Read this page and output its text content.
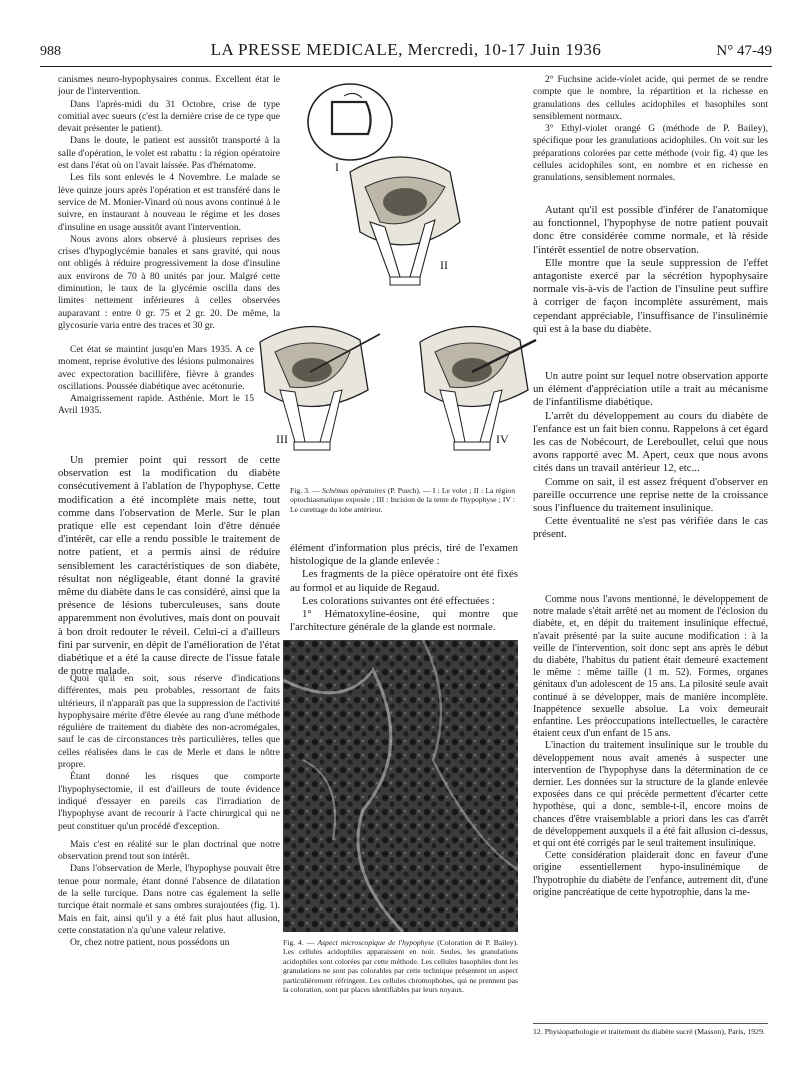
988	LA PRESSE MEDICALE, Mercredi, 10-17 Juin 1936	N° 47-49

canismes neuro-hypophysaires connus. Excellent état le jour de l'intervention.

Dans l'après-midi du 31 Octobre, crise de type comitial avec sueurs (c'est la dernière crise de ce type que devait présenter le patient).

Dans le doute, le patient est aussitôt transporté à la salle d'opération, le volet est rabattu : la région opératoire est dans l'état où on l'avait laissée. Pas d'hématome.

Les fils sont enlevés le 4 Novembre. Le malade se lève quinze jours après l'opération et est transféré dans le service de M. Monier-Vinard où nous avons continué à le suivre, en instaurant à nouveau le régime et les doses d'insuline en usage aussitôt avant l'intervention.

Nous avons alors observé à plusieurs reprises des crises d'hypoglycémie banales et sans gravité, qui nous ont obligés à réduire progressivement la dose d'insuline aux environs de 70 à 80 unités par jour. Malgré cette diminution, le taux de la glycémie oscilla dans des limites nettement inférieures à celles observées auparavant : entre 0 gr. 75 et 2 gr. 20. De même, la glycosurie varia entre des traces et 30 gr.

Cet état se maintint jusqu'en Mars 1935. A ce moment, reprise évolutive des lésions pulmonaires avec expectoration bacillifère, fièvre à grandes oscillations. Poussée diabétique avec acétonurie.

Amaigrissement rapide. Asthénie. Mort le 15 Avril 1935.

Un premier point qui ressort de cette observation est la modification du diabète consécutivement à l'ablation de l'hypophyse. Cette modification a été incomplète mais nette, tout comme dans l'observation de Merle. Sur le plan pratique elle est cependant loin d'être dénuée d'intérêt, car elle a rendu possible le traitement de notre patient, et a permis ainsi de réduire sensiblement les caractéristiques de son diabète, résultat non négligeable, étant donné la gravité même du diabète dans le cas considéré, ainsi que la présence de lésions tuberculeuses, sans doute apparemment non évolutives, mais dont on pouvait à bon droit redouter le réveil. Celui-ci a d'ailleurs fini par survenir, en dépit de l'amélioration de l'état diabétique et a été la cause directe de l'issue fatale de notre malade.

Quoi qu'il en soit, sous réserve d'indications différentes, mais peu probables, ressortant de faits ultérieurs, il n'apparaît pas que la suppression de l'activité hypophysaire mérite d'être élevée au rang d'une méthode régulière de traitement du diabète des non-acromégales, sauf le cas de circonstances très particulières, telles que celles réalisées dans le cas de Merle et dans le nôtre propre.

Étant donné les risques que comporte l'hypophysectomie, il est d'ailleurs de toute évidence indiqué d'essayer en pareils cas l'irradiation de l'hypophyse avant de recourir à l'acte chirurgical qui ne peut constituer qu'un procédé d'exception.

Mais c'est en réalité sur le plan doctrinal que notre observation prend tout son intérêt.

Dans l'observation de Merle, l'hypophyse pouvait être tenue pour normale, étant donné l'absence de dilatation de la selle turcique. Dans notre cas également la selle turcique était normale et sans ombres surajoutées (fig. 1). Mais en fait, ainsi qu'il y a été fait plus haut allusion, cette constatation n'a qu'une valeur relative.

Or, chez notre patient, nous possédons un

I
II
III	IV
Fig. 3. — Schémas opératoires (P. Puech). — I : Le volet ; II : La région optochiasmatique exposée ; III : Incision de la tente de l'hypophyse ; IV : Le curettage du lobe antérieur.

élément d'information plus précis, tiré de l'examen histologique de la glande enlevée :

Les fragments de la pièce opératoire ont été fixés au formol et au liquide de Regaud.

Les colorations suivantes ont été effectuées :

1° Hématoxyline-éosine, qui montre que l'architecture générale de la glande est normale.

Fig. 4. — Aspect microscopique de l'hypophyse (Coloration de P. Bailey). Les cellules acidophiles apparaissent en noir. Seules, les granulations acidophiles sont colorées par cette méthode. Les cellules basophiles dont les granulations ne sont pas colorables par cette technique présentent un aspect particulièrement réfringent. Les cellules chromophobes, qui ne prennent pas la coloration, sont par places identifiables par leurs noyaux.

2° Fuchsine acide-violet acide, qui permet de se rendre compte que le nombre, la répartition et la richesse en granulations des cellules acidophiles et basophiles sont sensiblement normaux.

3° Ethyl-violet orangé G (méthode de P. Bailey), spécifique pour les granulations acidophiles. On voit sur les préparations colorées par cette méthode (voir fig. 4) que les cellules acidophiles sont, en nombre et en richesse en granulations, sensiblement normales.

Autant qu'il est possible d'inférer de l'anatomique au fonctionnel, l'hypophyse de notre patient pouvait donc être considérée comme normale, et là réside l'intérêt essentiel de notre observation.

Elle montre que la seule suppression de l'effet antagoniste exercé par la sécrétion hypophysaire normale vis-à-vis de l'action de l'insuline peut suffire à corriger de façon incomplète assurément, mais cependant appréciable, l'insuffisance de l'insulinémie qui est à la base du diabète.

Un autre point sur lequel notre observation apporte un élément d'appréciation utile a trait au mécanisme de l'infantilisme diabétique.

L'arrêt du développement au cours du diabète de l'enfance est un fait bien connu. Rappelons à cet égard les cas de Nobécourt, de Lereboullet, celui que nous avons rapporté avec M. Apert, ceux que nous avons cités dans un travail antérieur 12, etc...

Comme on sait, il est assez fréquent d'observer en pareille occurrence une reprise nette de la croissance sous l'influence du traitement insulinique.

Cette éventualité ne s'est pas vérifiée dans le cas présent.

Comme nous l'avons mentionné, le développement de notre malade s'était arrêté net au moment de l'éclosion du diabète, et, en dépit du traitement insulinique effectué, n'avait présenté par la suite aucune modification : à la veille de l'intervention, soit donc sept ans après le début du diabète, l'habitus du patient était demeuré exactement le même : même taille (1 m. 52). Formes, organes génitaux d'un adolescent de 15 ans. La pilosité seule avait continué à se développer, mais de manière incomplète. Inappétence sexuelle absolue. La voix demeurait enfantine. Les préoccupations intellectuelles, le caractère étaient ceux d'un enfant de 15 ans.

L'inaction du traitement insulinique sur le trouble du développement nous avait amenés à suspecter une intervention de l'hypophyse dans la détermination de ce dernier. Les données sur la structure de la glande enlevée exposées dans ce qui précède permettent d'écarter cette hypothèse, qui a donc, semble-t-il, encore moins de chances d'être vraisemblable a priori dans les cas d'arrêt de développement auxquels il a été fait allusion ci-dessus, et qui ont été corrigés par le seul traitement insulinique.

Cette considération plaiderait donc en faveur d'une origine essentiellement hypo-insulinémique de l'hypotrophie du diabète de l'enfance, autrement dit, d'une origine pancréatique de cette hypotrophie, dans la me-

12. Physiopathologie et traitement du diabète sucré (Masson), Paris, 1929.
